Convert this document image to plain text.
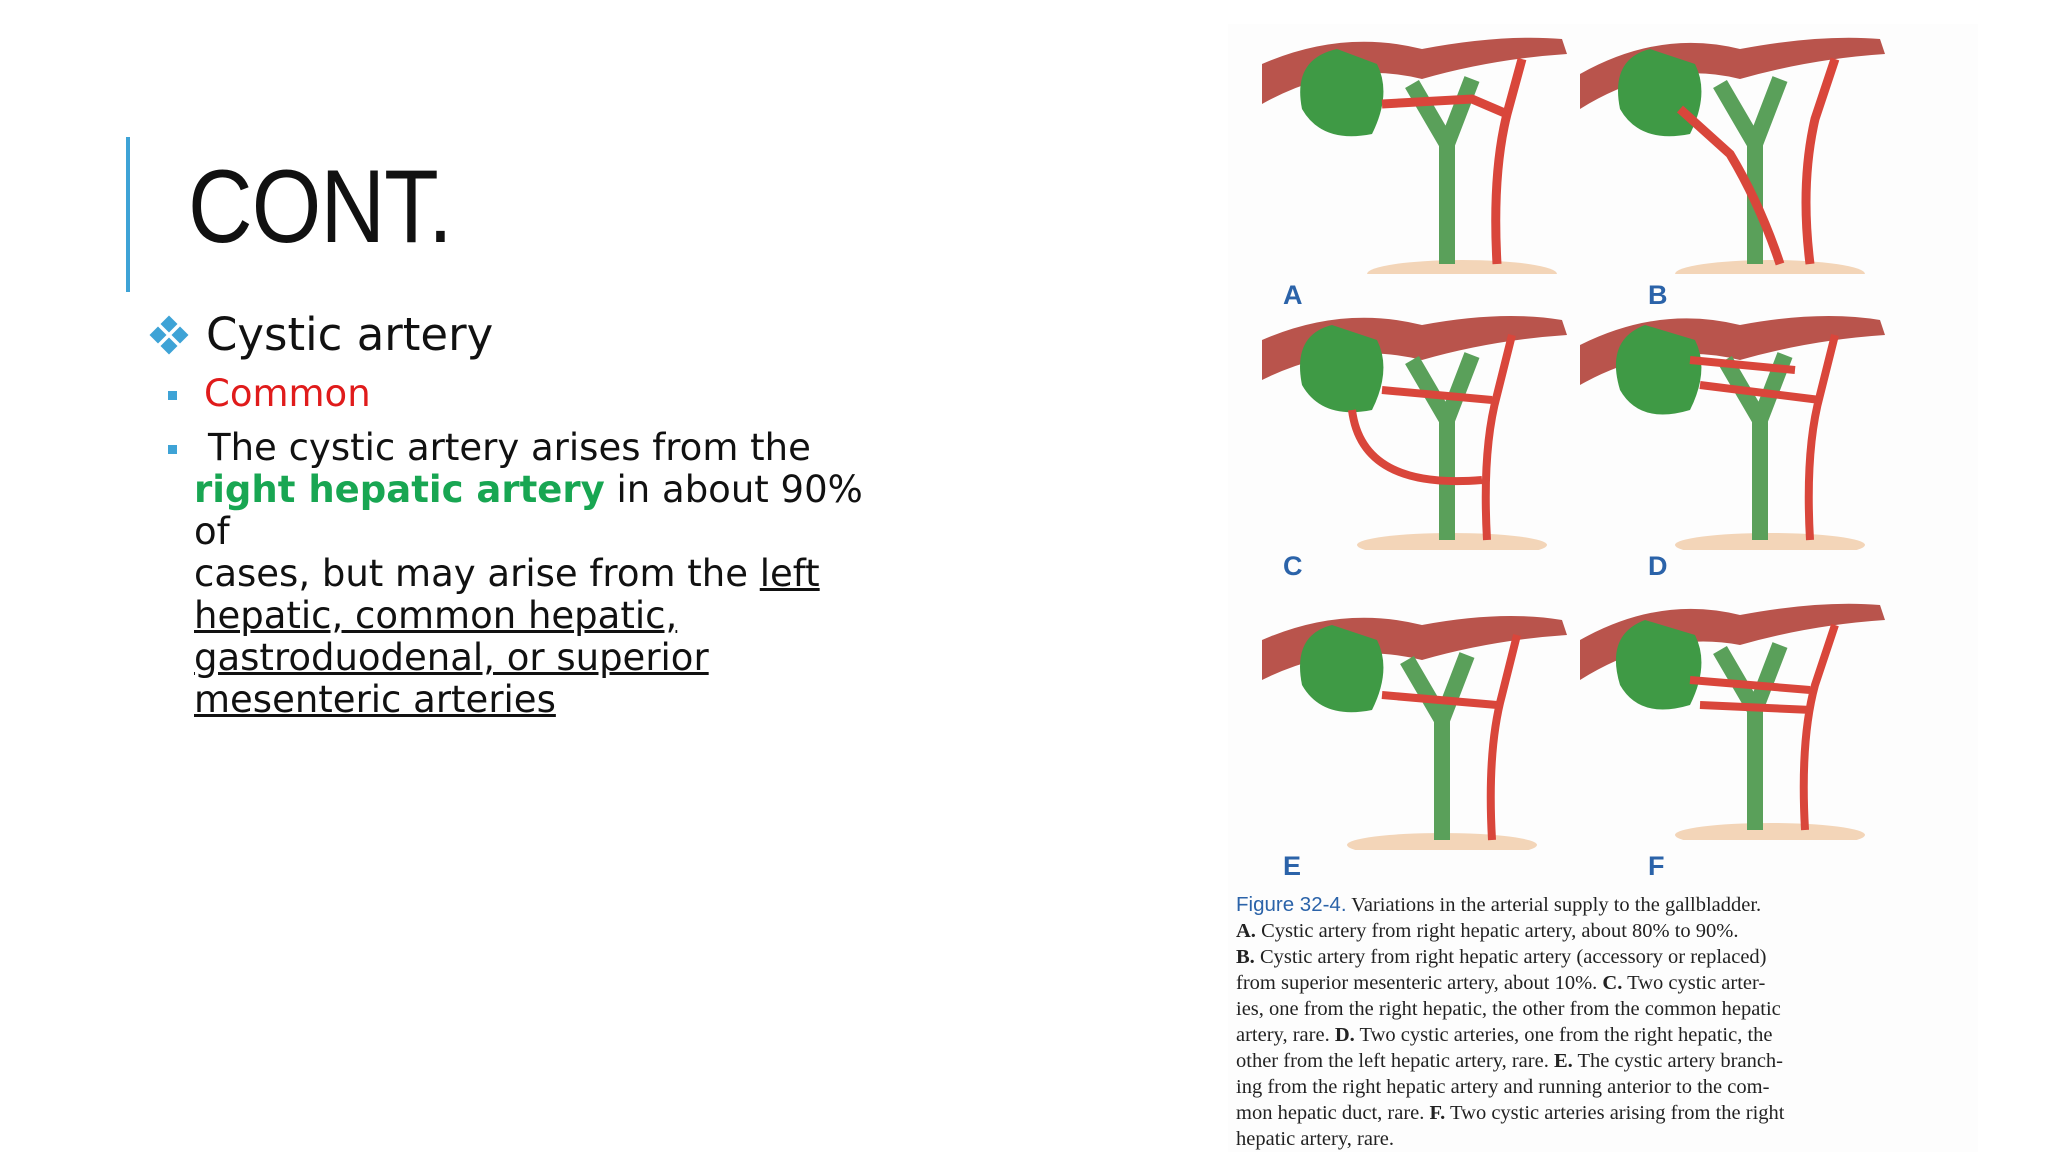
CONT.
Cystic artery
Common
The cystic artery arises from the
right hepatic artery in about 90% of
cases, but may arise from the left
hepatic, common hepatic,
gastroduodenal, or superior
mesenteric arteries
A	B
C	D
E	F
Figure 32-4. Variations in the arterial supply to the gallbladder.
A. Cystic artery from right hepatic artery, about 80% to 90%.
B. Cystic artery from right hepatic artery (accessory or replaced)
from superior mesenteric artery, about 10%. C. Two cystic arter-
ies, one from the right hepatic, the other from the common hepatic
artery, rare. D. Two cystic arteries, one from the right hepatic, the
other from the left hepatic artery, rare. E. The cystic artery branch-
ing from the right hepatic artery and running anterior to the com-
mon hepatic duct, rare. F. Two cystic arteries arising from the right
hepatic artery, rare.
